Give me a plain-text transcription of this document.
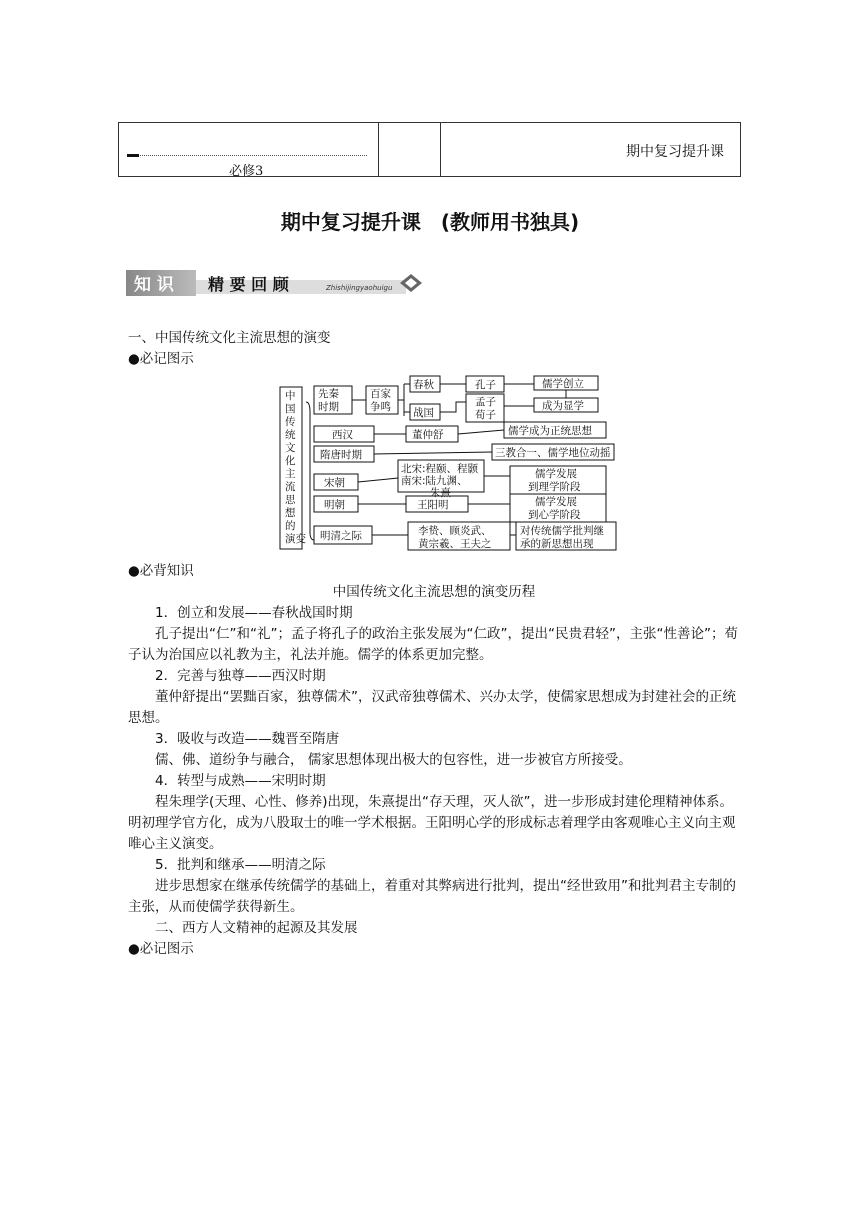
必修3
期中复习提升课
期中复习提升课　(教师用书独具)
知 识 精 要 回 顾	Zhishijingyaohuigu

一、中国传统文化主流思想的演变

●必记图示

中
国
传
统
文
化
主
流
思
想
的
演变
先秦
时期
西汉
隋唐时期
宋朝
明朝
明清之际
百家
争鸣
春秋
战国
孔子
孟子
荀子
儒学创立
成为显学
董仲舒	儒学成为正统思想
三教合一、儒学地位动摇
北宋:程颐、程颢
南宋:陆九渊、
朱熹
儒学发展
到理学阶段
王阳明	儒学发展
到心学阶段
李贽、顾炎武、
黄宗羲、王夫之
对传统儒学批判继
承的新思想出现

●必背知识

中国传统文化主流思想的演变历程

1．创立和发展——春秋战国时期

孔子提出“仁”和“礼”；孟子将孔子的政治主张发展为“仁政”，提出“民贵君轻”，主张“性善论”；荀子认为治国应以礼教为主，礼法并施。儒学的体系更加完整。

2．完善与独尊——西汉时期

董仲舒提出“罢黜百家，独尊儒术”，汉武帝独尊儒术、兴办太学，使儒家思想成为封建社会的正统思想。

3．吸收与改造——魏晋至隋唐

儒、佛、道纷争与融合， 儒家思想体现出极大的包容性，进一步被官方所接受。

4．转型与成熟——宋明时期

程朱理学(天理、心性、修养)出现，朱熹提出“存天理，灭人欲”，进一步形成封建伦理精神体系。明初理学官方化，成为八股取士的唯一学术根据。王阳明心学的形成标志着理学由客观唯心主义向主观唯心主义演变。

5．批判和继承——明清之际

进步思想家在继承传统儒学的基础上，着重对其弊病进行批判，提出“经世致用”和批判君主专制的主张，从而使儒学获得新生。

二、西方人文精神的起源及其发展

●必记图示
